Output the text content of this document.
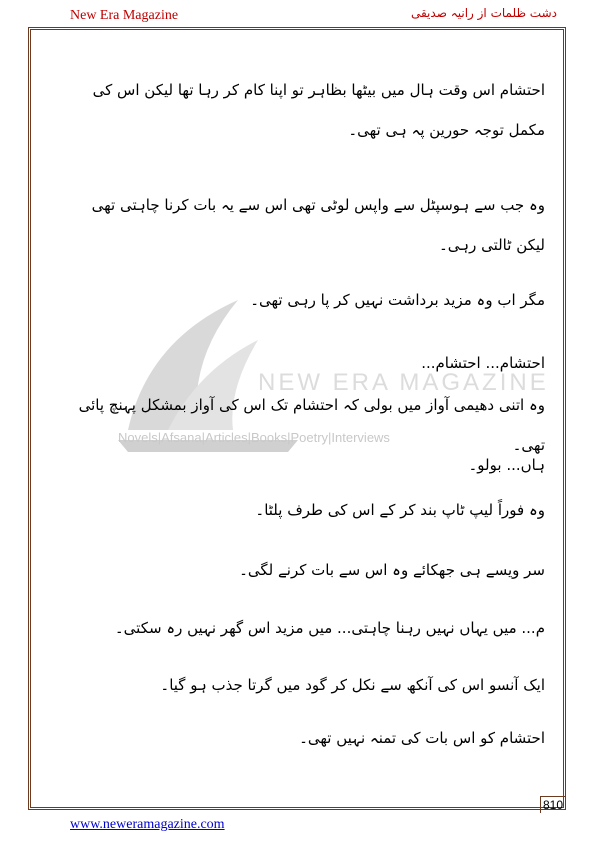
New Era Magazine	دشت ظلمات از رانیہ صدیقی
NEW ERA MAGAZINE
Novels|Afsana|Articles|Books|Poetry|Interviews

احتشام اس وقت ہال میں بیٹھا بظاہر تو اپنا کام کر رہا تھا لیکن اس کی مکمل توجہ حورین پہ ہی تھی۔

وہ جب سے ہوسپٹل سے واپس لوٹی تھی اس سے یہ بات کرنا چاہتی تھی لیکن ٹالتی رہی۔

مگر اب وہ مزید برداشت نہیں کر پا رہی تھی۔

احتشام... احتشام...

وہ اتنی دھیمی آواز میں بولی کہ احتشام تک اس کی آواز بمشکل پہنچ پائی تھی۔

ہاں... بولو۔

وہ فوراً لیپ ٹاپ بند کر کے اس کی طرف پلٹا۔

سر ویسے ہی جھکائے وہ اس سے بات کرنے لگی۔

م... میں یہاں نہیں رہنا چاہتی... میں مزید اس گھر نہیں رہ سکتی۔

ایک آنسو اس کی آنکھ سے نکل کر گود میں گرتا جذب ہو گیا۔

احتشام کو اس بات کی تمنہ نہیں تھی۔

810
www.neweramagazine.com
